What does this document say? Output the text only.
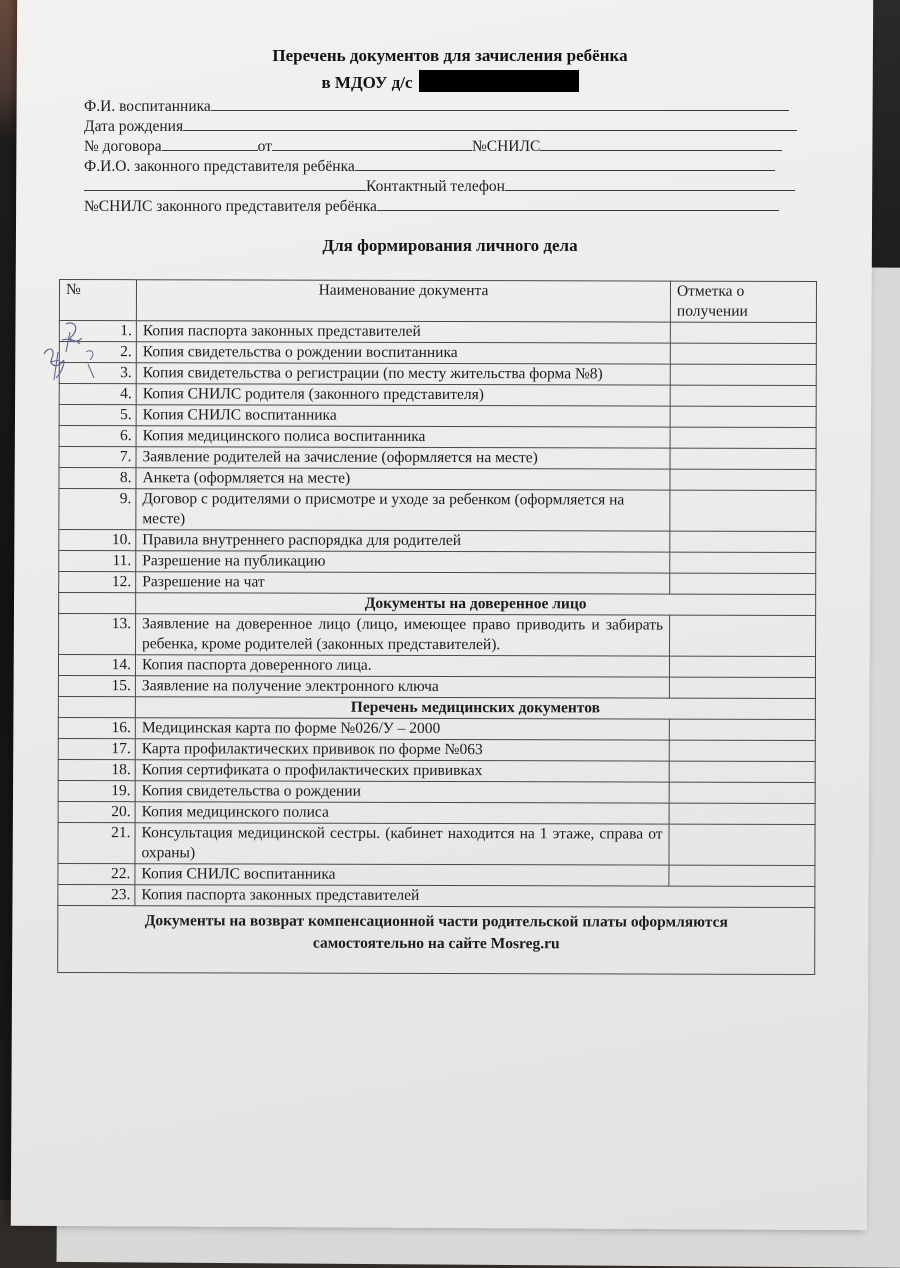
Перечень документов для зачисления ребёнка
в МДОУ д/с
Ф.И. воспитанника
Дата рождения
№ договора	от	№СНИЛС
Ф.И.О. законного представителя ребёнка
Контактный телефон
№СНИЛС законного представителя ребёнка
Для формирования личного дела
№	Наименование документа	Отметка о получении
1.	Копия паспорта законных представителей	
2.	Копия свидетельства о рождении воспитанника	
3.	Копия свидетельства о регистрации (по месту жительства форма №8)	
4.	Копия СНИЛС родителя (законного представителя)	
5.	Копия СНИЛС воспитанника	
6.	Копия медицинского полиса воспитанника	
7.	Заявление родителей на зачисление (оформляется на месте)	
8.	Анкета (оформляется на месте)	
9.	Договор с родителями о присмотре и уходе за ребенком (оформляется на месте)	
10.	Правила внутреннего распорядка для родителей	
11.	Разрешение на публикацию	
12.	Разрешение на чат	
	Документы на доверенное лицо	
13.	Заявление на доверенное лицо (лицо, имеющее право приводить и забирать ребенка, кроме родителей (законных представителей).	
14.	Копия паспорта доверенного лица.	
15.	Заявление на получение электронного ключа	
	Перечень медицинских документов	
16.	Медицинская карта по форме №026/У – 2000	
17.	Карта профилактических прививок по форме №063	
18.	Копия сертификата о профилактических прививках	
19.	Копия свидетельства о рождении	
20.	Копия медицинского полиса	
21.	Консультация медицинской сестры. (кабинет находится на 1 этаже, справа от охраны)	
22.	Копия СНИЛС воспитанника	
23.	Копия паспорта законных представителей	

Документы на возврат компенсационной части родительской платы оформляются
самостоятельно на сайте Mosreg.ru		
